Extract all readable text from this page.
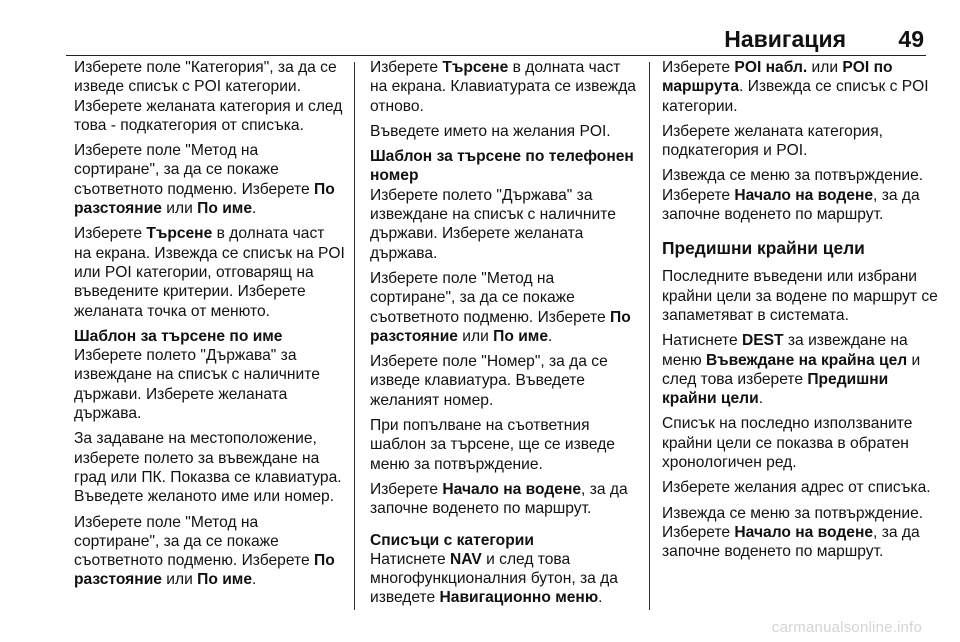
Навигация 49

Изберете поле "Категория", за да се изведе списък с POI категории. Изберете желаната категория и след това - подкатегория от списъка.

Изберете поле "Метод на сортиране", за да се покаже съответното подменю. Изберете По разстояние или По име.

Изберете Търсене в долната част на екрана. Извежда се списък на POI или POI категории, отговарящ на въведените критерии. Изберете желаната точка от менюто.

Шаблон за търсене по име

Изберете полето "Държава" за извеждане на списък с наличните държави. Изберете желаната държава.

За задаване на местоположение, изберете полето за въвеждане на град или ПК. Показва се клавиатура. Въведете желаното име или номер.

Изберете поле "Метод на сортиране", за да се покаже съответното подменю. Изберете По разстояние или По име.

Изберете Търсене в долната част на екрана. Клавиатурата се извежда отново.

Въведете името на желания POI.

Шаблон за търсене по телефонен номер

Изберете полето "Държава" за извеждане на списък с наличните държави. Изберете желаната държава.

Изберете поле "Метод на сортиране", за да се покаже съответното подменю. Изберете По разстояние или По име.

Изберете поле "Номер", за да се изведе клавиатура. Въведете желаният номер.

При попълване на съответния шаблон за търсене, ще се изведе меню за потвърждение.

Изберете Начало на водене, за да започне воденето по маршрут.

Списъци с категории

Натиснете NAV и след това многофункционалния бутон, за да изведете Навигационно меню.

Изберете POI набл. или POI по маршрута. Извежда се списък с POI категории.

Изберете желаната категория, подкатегория и POI.

Извежда се меню за потвърждение. Изберете Начало на водене, за да започне воденето по маршрут.

Предишни крайни цели

Последните въведени или избрани крайни цели за водене по маршрут се запаметяват в системата.

Натиснете DEST за извеждане на меню Въвеждане на крайна цел и след това изберете Предишни крайни цели.

Списък на последно използваните крайни цели се показва в обратен хронологичен ред.

Изберете желания адрес от списъка.

Извежда се меню за потвърждение. Изберете Начало на водене, за да започне воденето по маршрут.

carmanualsonline.info
